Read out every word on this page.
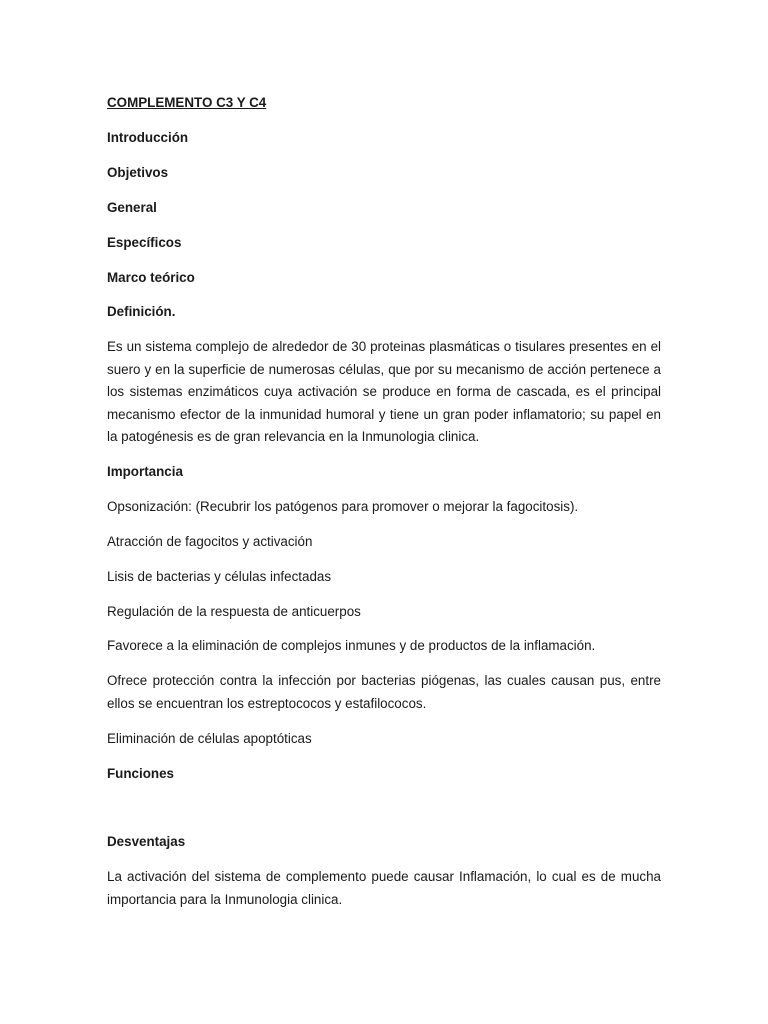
COMPLEMENTO C3 Y C4

Introducción

Objetivos

General

Específicos

Marco teórico

Definición.

Es un sistema complejo de alrededor de 30 proteinas plasmáticas o tisulares presentes en el suero y en la superficie de numerosas células, que por su mecanismo de acción pertenece a los sistemas enzimáticos cuya activación se produce en forma de cascada, es el principal mecanismo efector de la inmunidad humoral y tiene un gran poder inflamatorio; su papel en la patogénesis es de gran relevancia en la Inmunologia clinica.

Importancia

Opsonización: (Recubrir los patógenos para promover o mejorar la fagocitosis).

Atracción de fagocitos y activación

Lisis de bacterias y células infectadas

Regulación de la respuesta de anticuerpos

Favorece a la eliminación de complejos inmunes y de productos de la inflamación.

Ofrece protección contra la infección por bacterias piógenas, las cuales causan pus, entre ellos se encuentran los estreptococos y estafilococos.

Eliminación de células apoptóticas

Funciones

Desventajas

La activación del sistema de complemento puede causar Inflamación, lo cual es de mucha importancia para la Inmunologia clinica.
